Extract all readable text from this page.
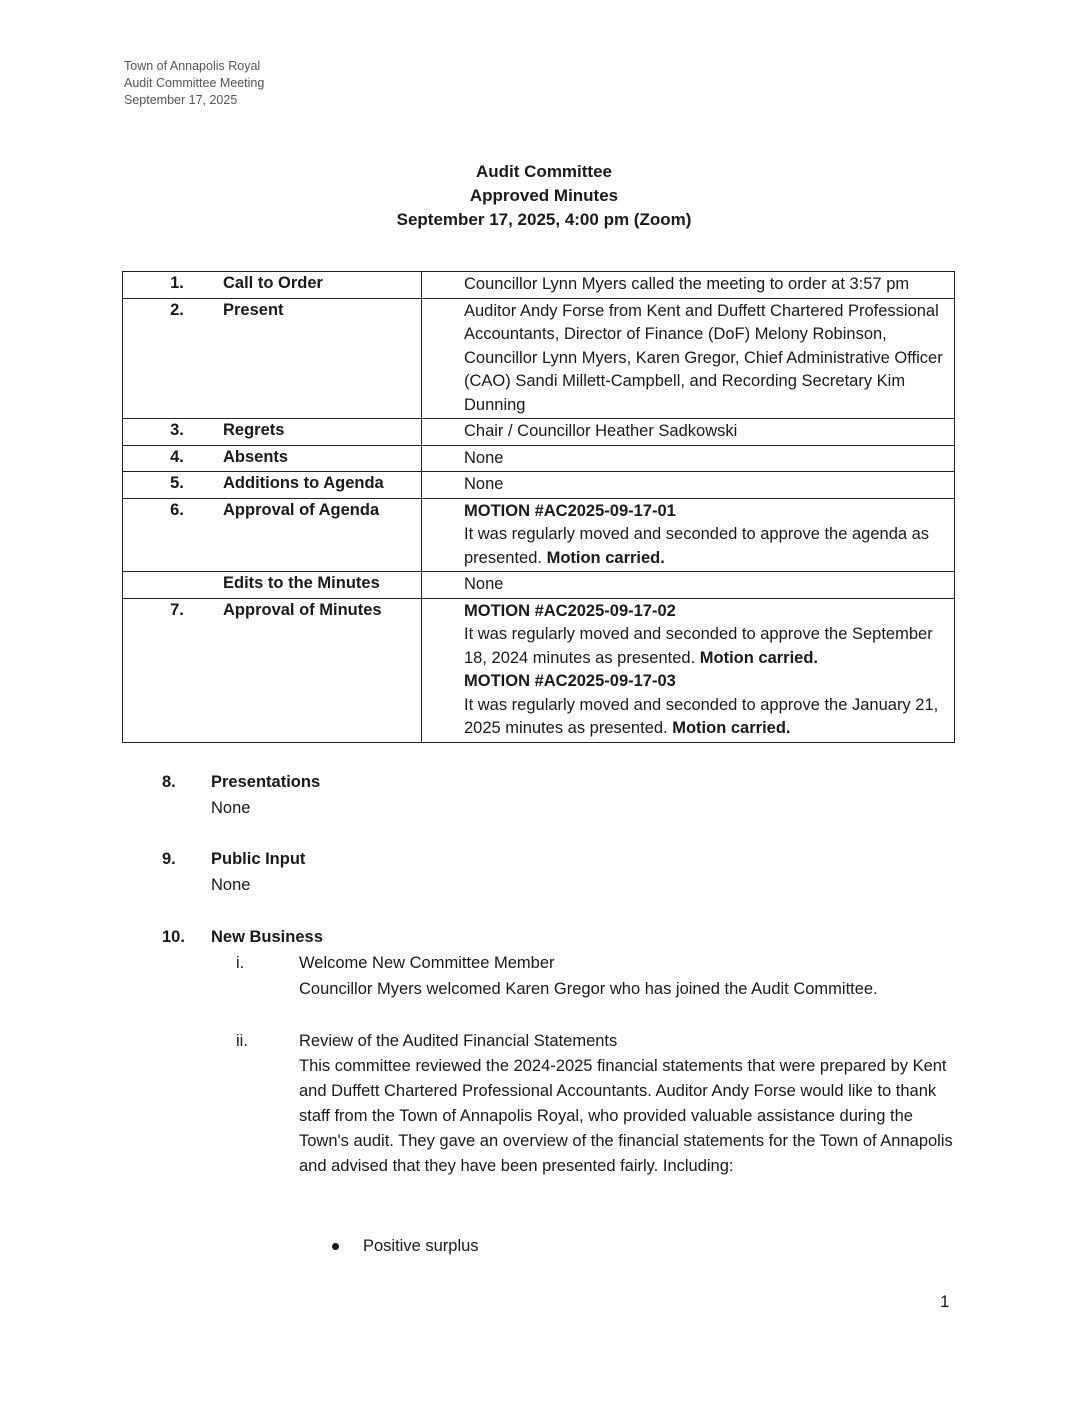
Town of Annapolis Royal
Audit Committee Meeting
September 17, 2025
Audit Committee
Approved Minutes
September 17, 2025, 4:00 pm (Zoom)
1.	Call to Order	Councillor Lynn Myers called the meeting to order at 3:57 pm
2.	Present	Auditor Andy Forse from Kent and Duffett Chartered Professional Accountants, Director of Finance (DoF) Melony Robinson, Councillor Lynn Myers, Karen Gregor, Chief Administrative Officer (CAO) Sandi Millett-Campbell, and Recording Secretary Kim Dunning
3.	Regrets	Chair / Councillor Heather Sadkowski
4.	Absents	None
5.	Additions to Agenda	None
6.	Approval of Agenda	MOTION #AC2025-09-17-01
It was regularly moved and seconded to approve the agenda as presented. Motion carried.
	Edits to the Minutes	None
7.	Approval of Minutes	MOTION #AC2025-09-17-02
It was regularly moved and seconded to approve the September 18, 2024 minutes as presented. Motion carried.
MOTION #AC2025-09-17-03
It was regularly moved and seconded to approve the January 21, 2025 minutes as presented. Motion carried.
8. Presentations
None
9. Public Input
None
10. New Business
i.	Welcome New Committee Member
Councillor Myers welcomed Karen Gregor who has joined the Audit Committee.
ii.	Review of the Audited Financial Statements
This committee reviewed the 2024-2025 financial statements that were prepared by Kent and Duffett Chartered Professional Accountants. Auditor Andy Forse would like to thank staff from the Town of Annapolis Royal, who provided valuable assistance during the Town's audit. They gave an overview of the financial statements for the Town of Annapolis and advised that they have been presented fairly. Including:
Positive surplus
1
